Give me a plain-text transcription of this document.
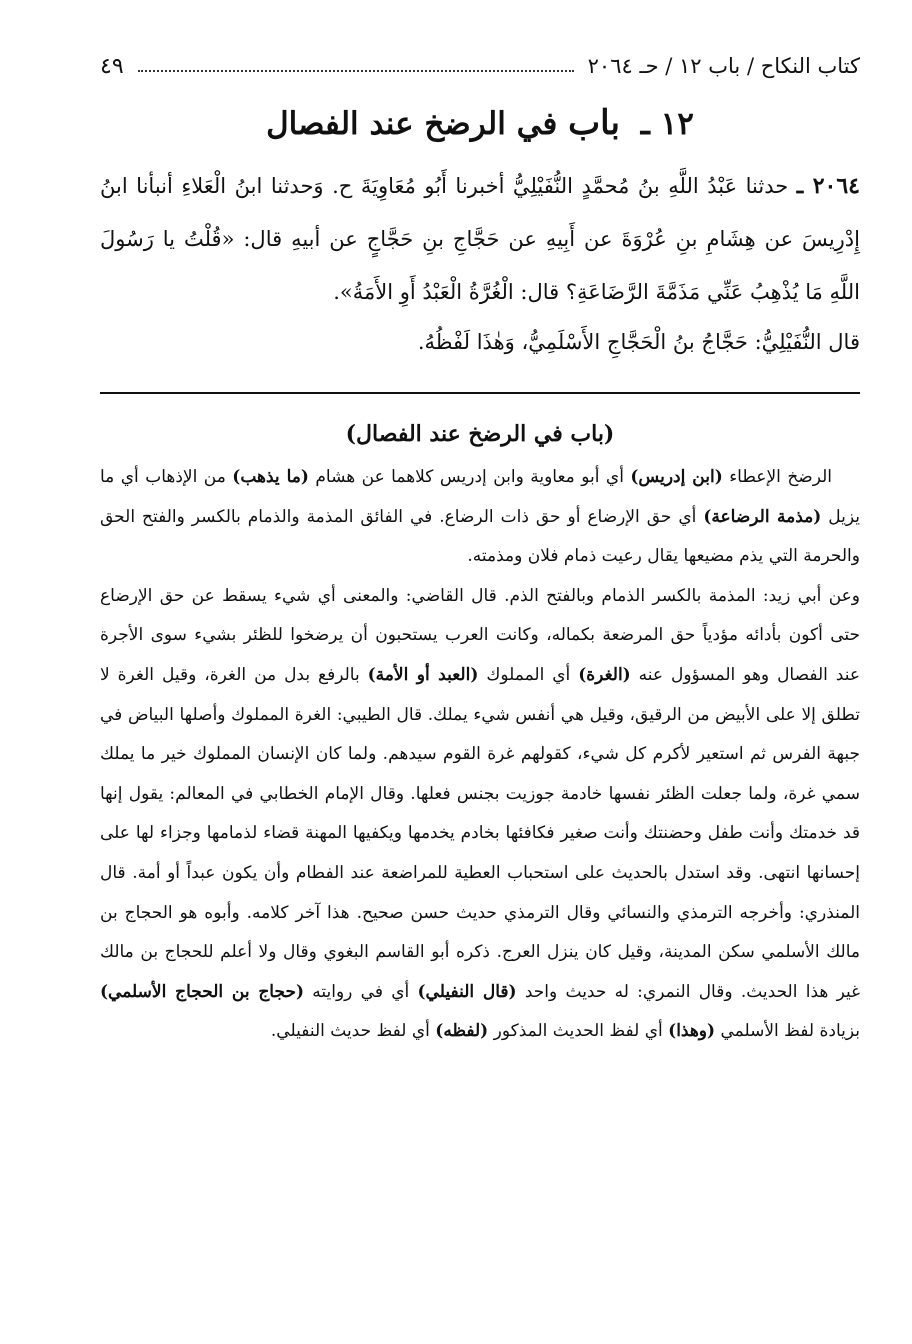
كتاب النكاح / باب ١٢ / حـ ٢٠٦٤
٤٩
١٢ ـ باب في الرضخ عند الفصال
٢٠٦٤ ـ حدثنا عَبْدُ اللَّهِ بنُ مُحمَّدٍ النُّفَيْلِيُّ أخبرنا أَبُو مُعَاوِيَةَ ح. وَحدثنا ابنُ الْعَلاءِ أنبأنا ابنُ إِدْرِيسَ عن هِشَامِ بنِ عُرْوَةَ عن أَبِيهِ عن حَجَّاجِ بنِ حَجَّاجٍ عن أبيهِ قال: «قُلْتُ يا رَسُولَ اللَّهِ مَا يُذْهِبُ عَنِّي مَذَمَّةَ الرَّضَاعَةِ؟ قال: الْغُرَّةُ الْعَبْدُ أَوِ الأَمَةُ».
قال النُّفَيْلِيُّ: حَجَّاجُ بنُ الْحَجَّاجِ الأَسْلَمِيُّ، وَهٰذَا لَفْظُهُ.
(باب في الرضخ عند الفصال)

الرضخ الإعطاء (ابن إدريس) أي أبو معاوية وابن إدريس كلاهما عن هشام (ما يذهب) من الإذهاب أي ما يزيل (مذمة الرضاعة) أي حق الإرضاع أو حق ذات الرضاع. في الفائق المذمة والذمام بالكسر والفتح الحق والحرمة التي يذم مضيعها يقال رعيت ذمام فلان ومذمته.

وعن أبي زيد: المذمة بالكسر الذمام وبالفتح الذم. قال القاضي: والمعنى أي شيء يسقط عن حق الإرضاع حتى أكون بأدائه مؤدياً حق المرضعة بكماله، وكانت العرب يستحبون أن يرضخوا للظئر بشيء سوى الأجرة عند الفصال وهو المسؤول عنه (الغرة) أي المملوك (العبد أو الأمة) بالرفع بدل من الغرة، وقيل الغرة لا تطلق إلا على الأبيض من الرقيق، وقيل هي أنفس شيء يملك. قال الطيبي: الغرة المملوك وأصلها البياض في جبهة الفرس ثم استعير لأكرم كل شيء، كقولهم غرة القوم سيدهم. ولما كان الإنسان المملوك خير ما يملك سمي غرة، ولما جعلت الظئر نفسها خادمة جوزيت بجنس فعلها. وقال الإمام الخطابي في المعالم: يقول إنها قد خدمتك وأنت طفل وحضنتك وأنت صغير فكافئها بخادم يخدمها ويكفيها المهنة قضاء لذمامها وجزاء لها على إحسانها انتهى. وقد استدل بالحديث على استحباب العطية للمراضعة عند الفطام وأن يكون عبداً أو أمة. قال المنذري: وأخرجه الترمذي والنسائي وقال الترمذي حديث حسن صحيح. هذا آخر كلامه. وأبوه هو الحجاج بن مالك الأسلمي سكن المدينة، وقيل كان ينزل العرج. ذكره أبو القاسم البغوي وقال ولا أعلم للحجاج بن مالك غير هذا الحديث. وقال النمري: له حديث واحد (قال النفيلي) أي في روايته (حجاج بن الحجاج الأسلمي) بزيادة لفظ الأسلمي (وهذا) أي لفظ الحديث المذكور (لفظه) أي لفظ حديث النفيلي.
